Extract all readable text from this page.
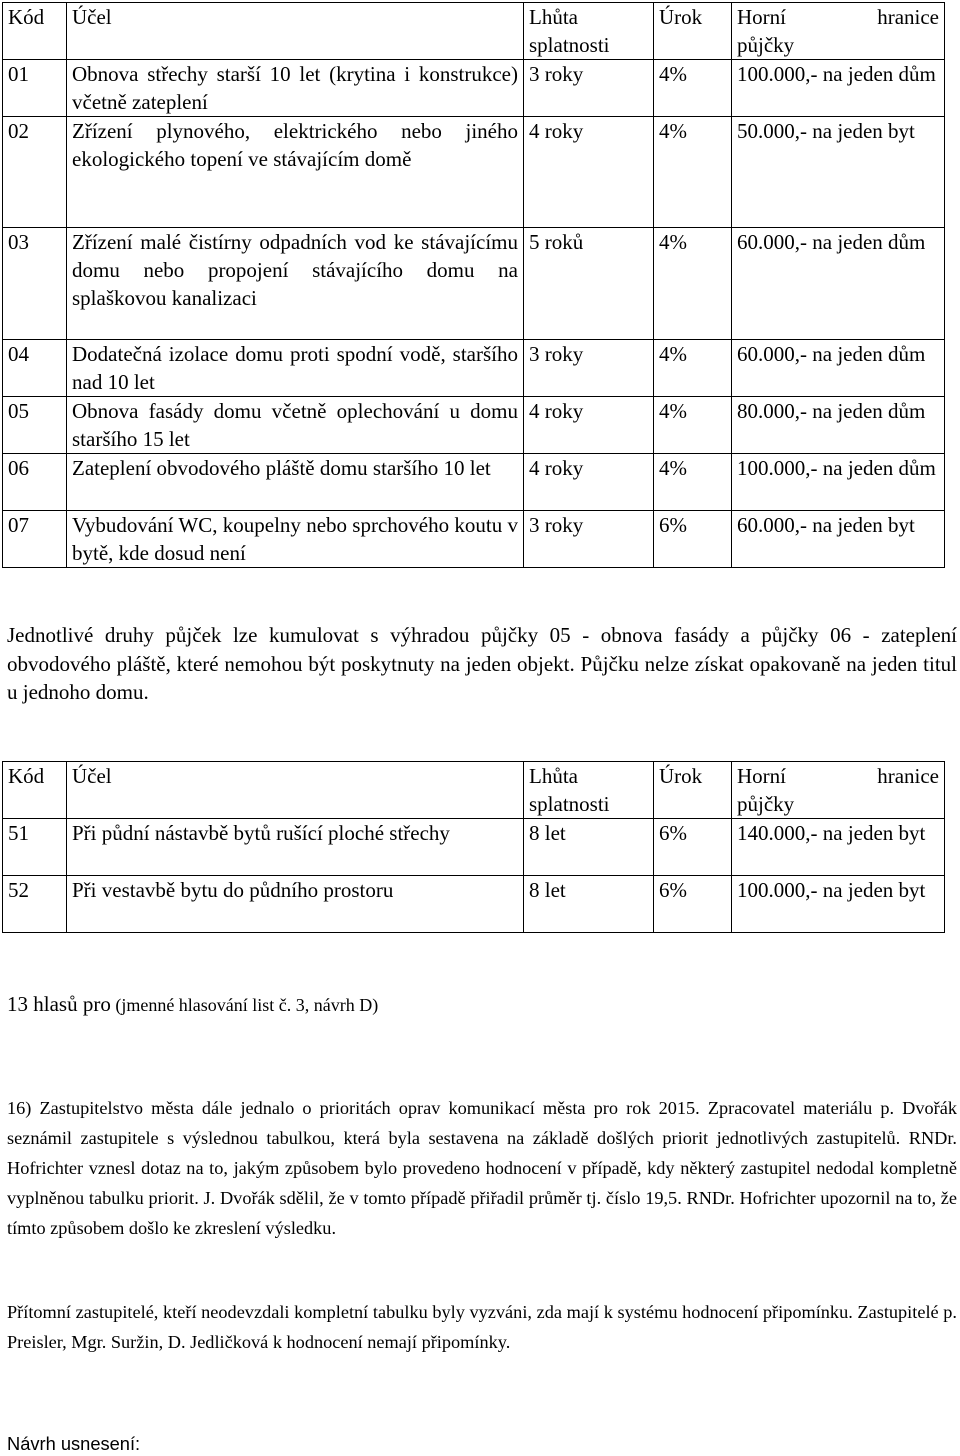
Kód	Účel	Lhůta splatnosti	Úrok	Horní hranice
půjčky

01	Obnova střechy starší 10 let (krytina i konstrukce) včetně zateplení	3 roky	4%	100.000,- na jeden dům
02	Zřízení plynového, elektrického nebo jiného ekologického topení ve stávajícím domě	4 roky	4%	50.000,- na jeden byt
03	Zřízení malé čistírny odpadních vod ke stávajícímu domu nebo propojení stávajícího domu na splaškovou kanalizaci	5 roků	4%	60.000,- na jeden dům
04	Dodatečná izolace domu proti spodní vodě, staršího nad 10 let	3 roky	4%	60.000,- na jeden dům
05	Obnova fasády domu včetně oplechování u domu staršího 15 let	4 roky	4%	80.000,- na jeden dům
06	Zateplení obvodového pláště domu staršího 10 let	4 roky	4%	100.000,- na jeden dům
07	Vybudování WC, koupelny nebo sprchového koutu v bytě, kde dosud není	3 roky	6%	60.000,- na jeden byt

Jednotlivé druhy půjček lze kumulovat s výhradou půjčky 05 - obnova fasády a půjčky 06 - zateplení obvodového pláště, které nemohou být poskytnuty na jeden objekt. Půjčku nelze získat opakovaně na jeden titul u jednoho domu.

Kód	Účel	Lhůta splatnosti	Úrok	Horní hranice
půjčky

51	Při půdní nástavbě bytů rušící ploché střechy	8 let	6%	140.000,- na jeden byt
52	Při vestavbě bytu do půdního prostoru	8 let	6%	100.000,- na jeden byt

13 hlasů pro (jmenné hlasování list č. 3, návrh D)

16) Zastupitelstvo města dále jednalo o prioritách oprav komunikací města pro rok 2015. Zpracovatel materiálu p. Dvořák seznámil zastupitele s výslednou tabulkou, která byla sestavena na základě došlých priorit jednotlivých zastupitelů. RNDr. Hofrichter vznesl dotaz na to, jakým způsobem bylo provedeno hodnocení v případě, kdy některý zastupitel nedodal kompletně vyplněnou tabulku priorit. J. Dvořák sdělil, že v tomto případě přiřadil průměr tj. číslo 19,5. RNDr. Hofrichter upozornil na to, že tímto způsobem došlo ke zkreslení výsledku.

Přítomní zastupitelé, kteří neodevzdali kompletní tabulku byly vyzváni, zda mají k systému hodnocení připomínku. Zastupitelé p. Preisler, Mgr. Suržin, D. Jedličková k hodnocení nemají připomínky.

Návrh usnesení:
